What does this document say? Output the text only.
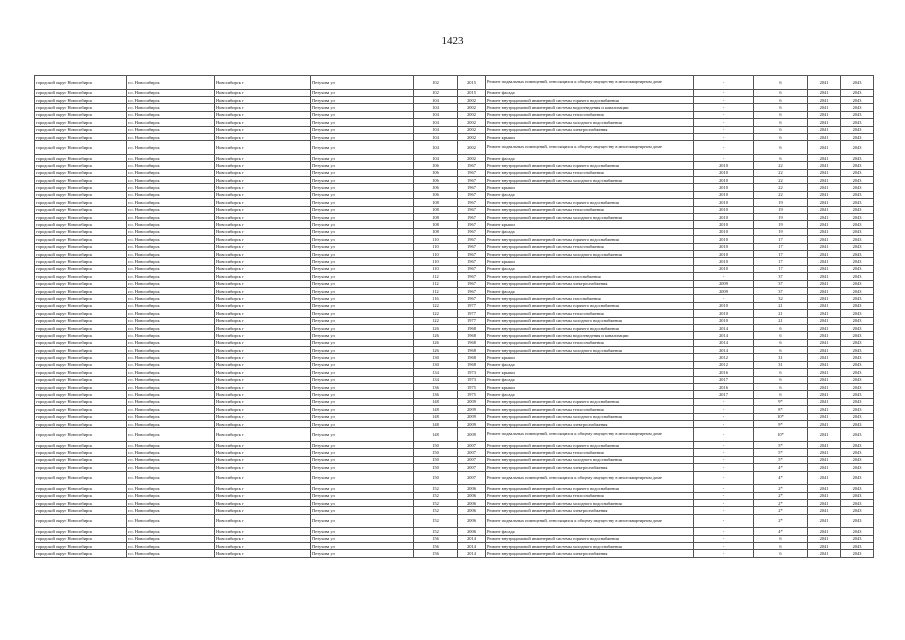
1423
городской округ Новосибирск	г.о. Новосибирск	Новосибирск г	Петухова ул	102	2015	Ремонт подвальных помещений, относящихся к общему имуществу в многоквартирном доме	-	6	2041	2043
городской округ Новосибирск	г.о. Новосибирск	Новосибирск г	Петухова ул	102	2015	Ремонт фасада	-	6	2041	2043
городской округ Новосибирск	г.о. Новосибирск	Новосибирск г	Петухова ул	104	2002	Ремонт внутридомовой инженерной системы горячего водоснабжения	-	6	2041	2043
городской округ Новосибирск	г.о. Новосибирск	Новосибирск г	Петухова ул	104	2002	Ремонт внутридомовой инженерной системы водоотведения и канализации	-	6	2041	2043
городской округ Новосибирск	г.о. Новосибирск	Новосибирск г	Петухова ул	104	2002	Ремонт внутридомовой инженерной системы теплоснабжения	-	6	2041	2043
городской округ Новосибирск	г.о. Новосибирск	Новосибирск г	Петухова ул	104	2002	Ремонт внутридомовой инженерной системы холодного водоснабжения	-	6	2041	2043
городской округ Новосибирск	г.о. Новосибирск	Новосибирск г	Петухова ул	104	2002	Ремонт внутридомовой инженерной системы электроснабжения	-	6	2041	2043
городской округ Новосибирск	г.о. Новосибирск	Новосибирск г	Петухова ул	104	2002	Ремонт крыши	-	6	2041	2043
городской округ Новосибирск	г.о. Новосибирск	Новосибирск г	Петухова ул	104	2002	Ремонт подвальных помещений, относящихся к общему имуществу в многоквартирном доме	-	6	2041	2043
городской округ Новосибирск	г.о. Новосибирск	Новосибирск г	Петухова ул	104	2002	Ремонт фасада	-	6	2041	2043
городской округ Новосибирск	г.о. Новосибирск	Новосибирск г	Петухова ул	106	1967	Ремонт внутридомовой инженерной системы горячего водоснабжения	2010	22	2041	2043
городской округ Новосибирск	г.о. Новосибирск	Новосибирск г	Петухова ул	106	1967	Ремонт внутридомовой инженерной системы теплоснабжения	2010	22	2041	2043
городской округ Новосибирск	г.о. Новосибирск	Новосибирск г	Петухова ул	106	1967	Ремонт внутридомовой инженерной системы холодного водоснабжения	2010	22	2041	2043
городской округ Новосибирск	г.о. Новосибирск	Новосибирск г	Петухова ул	106	1967	Ремонт крыши	2010	22	2041	2043
городской округ Новосибирск	г.о. Новосибирск	Новосибирск г	Петухова ул	106	1967	Ремонт фасада	2010	22	2041	2043
городской округ Новосибирск	г.о. Новосибирск	Новосибирск г	Петухова ул	108	1967	Ремонт внутридомовой инженерной системы горячего водоснабжения	2010	19	2041	2043
городской округ Новосибирск	г.о. Новосибирск	Новосибирск г	Петухова ул	108	1967	Ремонт внутридомовой инженерной системы теплоснабжения	2010	19	2041	2043
городской округ Новосибирск	г.о. Новосибирск	Новосибирск г	Петухова ул	108	1967	Ремонт внутридомовой инженерной системы холодного водоснабжения	2010	19	2041	2043
городской округ Новосибирск	г.о. Новосибирск	Новосибирск г	Петухова ул	108	1967	Ремонт крыши	2010	19	2041	2043
городской округ Новосибирск	г.о. Новосибирск	Новосибирск г	Петухова ул	108	1967	Ремонт фасада	2010	19	2041	2043
городской округ Новосибирск	г.о. Новосибирск	Новосибирск г	Петухова ул	110	1967	Ремонт внутридомовой инженерной системы горячего водоснабжения	2010	17	2041	2043
городской округ Новосибирск	г.о. Новосибирск	Новосибирск г	Петухова ул	110	1967	Ремонт внутридомовой инженерной системы теплоснабжения	2010	17	2041	2043
городской округ Новосибирск	г.о. Новосибирск	Новосибирск г	Петухова ул	110	1967	Ремонт внутридомовой инженерной системы холодного водоснабжения	2010	17	2041	2043
городской округ Новосибирск	г.о. Новосибирск	Новосибирск г	Петухова ул	110	1967	Ремонт крыши	2010	17	2041	2043
городской округ Новосибирск	г.о. Новосибирск	Новосибирск г	Петухова ул	110	1967	Ремонт фасада	2010	17	2041	2043
городской округ Новосибирск	г.о. Новосибирск	Новосибирск г	Петухова ул	112	1967	Ремонт внутридомовой инженерной системы газоснабжения	-	37	2041	2043
городской округ Новосибирск	г.о. Новосибирск	Новосибирск г	Петухова ул	112	1967	Ремонт внутридомовой инженерной системы электроснабжения	2009	37	2041	2043
городской округ Новосибирск	г.о. Новосибирск	Новосибирск г	Петухова ул	112	1967	Ремонт фасада	2009	37	2041	2043
городской округ Новосибирск	г.о. Новосибирск	Новосибирск г	Петухова ул	116	1967	Ремонт внутридомовой инженерной системы газоснабжения	-	32	2041	2043
городской округ Новосибирск	г.о. Новосибирск	Новосибирск г	Петухова ул	122	1977	Ремонт внутридомовой инженерной системы горячего водоснабжения	2010	21	2041	2043
городской округ Новосибирск	г.о. Новосибирск	Новосибирск г	Петухова ул	122	1977	Ремонт внутридомовой инженерной системы теплоснабжения	2010	21	2041	2043
городской округ Новосибирск	г.о. Новосибирск	Новосибирск г	Петухова ул	122	1977	Ремонт внутридомовой инженерной системы холодного водоснабжения	2010	21	2041	2043
городской округ Новосибирск	г.о. Новосибирск	Новосибирск г	Петухова ул	126	1968	Ремонт внутридомовой инженерной системы горячего водоснабжения	2014	6	2041	2043
городской округ Новосибирск	г.о. Новосибирск	Новосибирск г	Петухова ул	126	1968	Ремонт внутридомовой инженерной системы водоотведения и канализации	2014	6	2041	2043
городской округ Новосибирск	г.о. Новосибирск	Новосибирск г	Петухова ул	126	1968	Ремонт внутридомовой инженерной системы теплоснабжения	2014	6	2041	2043
городской округ Новосибирск	г.о. Новосибирск	Новосибирск г	Петухова ул	126	1968	Ремонт внутридомовой инженерной системы холодного водоснабжения	2014	6	2041	2043
городской округ Новосибирск	г.о. Новосибирск	Новосибирск г	Петухова ул	130	1968	Ремонт крыши	2012	31	2041	2043
городской округ Новосибирск	г.о. Новосибирск	Новосибирск г	Петухова ул	130	1968	Ремонт фасада	2012	31	2041	2043
городской округ Новосибирск	г.о. Новосибирск	Новосибирск г	Петухова ул	134	1973	Ремонт крыши	2016	6	2041	2043
городской округ Новосибирск	г.о. Новосибирск	Новосибирск г	Петухова ул	134	1973	Ремонт фасада	2017	6	2041	2043
городской округ Новосибирск	г.о. Новосибирск	Новосибирск г	Петухова ул	136	1975	Ремонт крыши	2016	6	2041	2043
городской округ Новосибирск	г.о. Новосибирск	Новосибирск г	Петухова ул	136	1975	Ремонт фасада	2017	6	2041	2043
городской округ Новосибирск	г.о. Новосибирск	Новосибирск г	Петухова ул	148	2009	Ремонт внутридомовой инженерной системы горячего водоснабжения	-	9*	2041	2043
городской округ Новосибирск	г.о. Новосибирск	Новосибирск г	Петухова ул	148	2009	Ремонт внутридомовой инженерной системы теплоснабжения	-	8*	2041	2043
городской округ Новосибирск	г.о. Новосибирск	Новосибирск г	Петухова ул	148	2009	Ремонт внутридомовой инженерной системы холодного водоснабжения	-	10*	2041	2043
городской округ Новосибирск	г.о. Новосибирск	Новосибирск г	Петухова ул	148	2009	Ремонт внутридомовой инженерной системы электроснабжения	-	9*	2041	2043
городской округ Новосибирск	г.о. Новосибирск	Новосибирск г	Петухова ул	148	2009	Ремонт подвальных помещений, относящихся к общему имуществу в многоквартирном доме	-	10*	2041	2043
городской округ Новосибирск	г.о. Новосибирск	Новосибирск г	Петухова ул	150	2007	Ремонт внутридомовой инженерной системы горячего водоснабжения	-	5*	2041	2043
городской округ Новосибирск	г.о. Новосибирск	Новосибирск г	Петухова ул	150	2007	Ремонт внутридомовой инженерной системы теплоснабжения	-	5*	2041	2043
городской округ Новосибирск	г.о. Новосибирск	Новосибирск г	Петухова ул	150	2007	Ремонт внутридомовой инженерной системы холодного водоснабжения	-	5*	2041	2043
городской округ Новосибирск	г.о. Новосибирск	Новосибирск г	Петухова ул	150	2007	Ремонт внутридомовой инженерной системы электроснабжения	-	4*	2041	2043
городской округ Новосибирск	г.о. Новосибирск	Новосибирск г	Петухова ул	150	2007	Ремонт подвальных помещений, относящихся к общему имуществу в многоквартирном доме	-	4*	2041	2043
городской округ Новосибирск	г.о. Новосибирск	Новосибирск г	Петухова ул	152	2006	Ремонт внутридомовой инженерной системы горячего водоснабжения	-	2*	2041	2043
городской округ Новосибирск	г.о. Новосибирск	Новосибирск г	Петухова ул	152	2006	Ремонт внутридомовой инженерной системы теплоснабжения	-	2*	2041	2043
городской округ Новосибирск	г.о. Новосибирск	Новосибирск г	Петухова ул	152	2006	Ремонт внутридомовой инженерной системы холодного водоснабжения	-	2*	2041	2043
городской округ Новосибирск	г.о. Новосибирск	Новосибирск г	Петухова ул	152	2006	Ремонт внутридомовой инженерной системы электроснабжения	-	2*	2041	2043
городской округ Новосибирск	г.о. Новосибирск	Новосибирск г	Петухова ул	152	2006	Ремонт подвальных помещений, относящихся к общему имуществу в многоквартирном доме	-	2*	2041	2043
городской округ Новосибирск	г.о. Новосибирск	Новосибирск г	Петухова ул	152	2006	Ремонт фасада	-	4*	2041	2043
городской округ Новосибирск	г.о. Новосибирск	Новосибирск г	Петухова ул	156	2014	Ремонт внутридомовой инженерной системы горячего водоснабжения	-	6	2041	2043
городской округ Новосибирск	г.о. Новосибирск	Новосибирск г	Петухова ул	156	2014	Ремонт внутридомовой инженерной системы холодного водоснабжения	-	6	2041	2043
городской округ Новосибирск	г.о. Новосибирск	Новосибирск г	Петухова ул	156	2014	Ремонт внутридомовой инженерной системы электроснабжения	-	6	2041	2043
